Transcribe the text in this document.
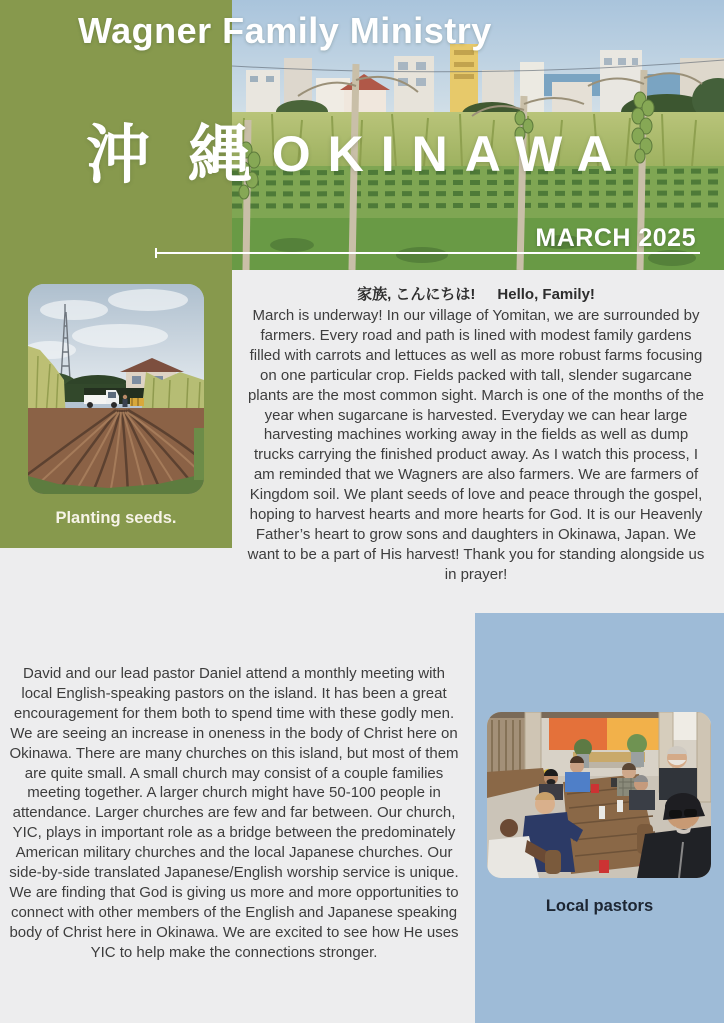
Wagner Family Ministry
沖 縄 OKINAWA
MARCH 2025
Planting seeds.
家族, こんにちは! Hello, Family!
March is underway! In our village of Yomitan, we are surrounded by farmers. Every road and path is lined with modest family gardens filled with carrots and lettuces as well as more robust farms focusing on one particular crop. Fields packed with tall, slender sugarcane plants are the most common sight. March is one of the months of the year when sugarcane is harvested. Everyday we can hear large harvesting machines working away in the fields as well as dump trucks carrying the finished product away. As I watch this process, I am reminded that we Wagners are also farmers. We are farmers of Kingdom soil. We plant seeds of love and peace through the gospel, hoping to harvest hearts and more hearts for God. It is our Heavenly Father’s heart to grow sons and daughters in Okinawa, Japan. We want to be a part of His harvest! Thank you for standing alongside us in prayer!
David and our lead pastor Daniel attend a monthly meeting with local English-speaking pastors on the island. It has been a great encouragement for them both to spend time with these godly men. We are seeing an increase in oneness in the body of Christ here on Okinawa. There are many churches on this island, but most of them are quite small. A small church may consist of a couple families meeting together. A larger church might have 50-100 people in attendance. Larger churches are few and far between. Our church, YIC, plays in important role as a bridge between the predominately American military churches and the local Japanese churches. Our side-by-side translated Japanese/English worship service is unique. We are finding that God is giving us more and more opportunities to connect with other members of the English and Japanese speaking body of Christ here in Okinawa. We are excited to see how He uses YIC to help make the connections stronger.
Local pastors
